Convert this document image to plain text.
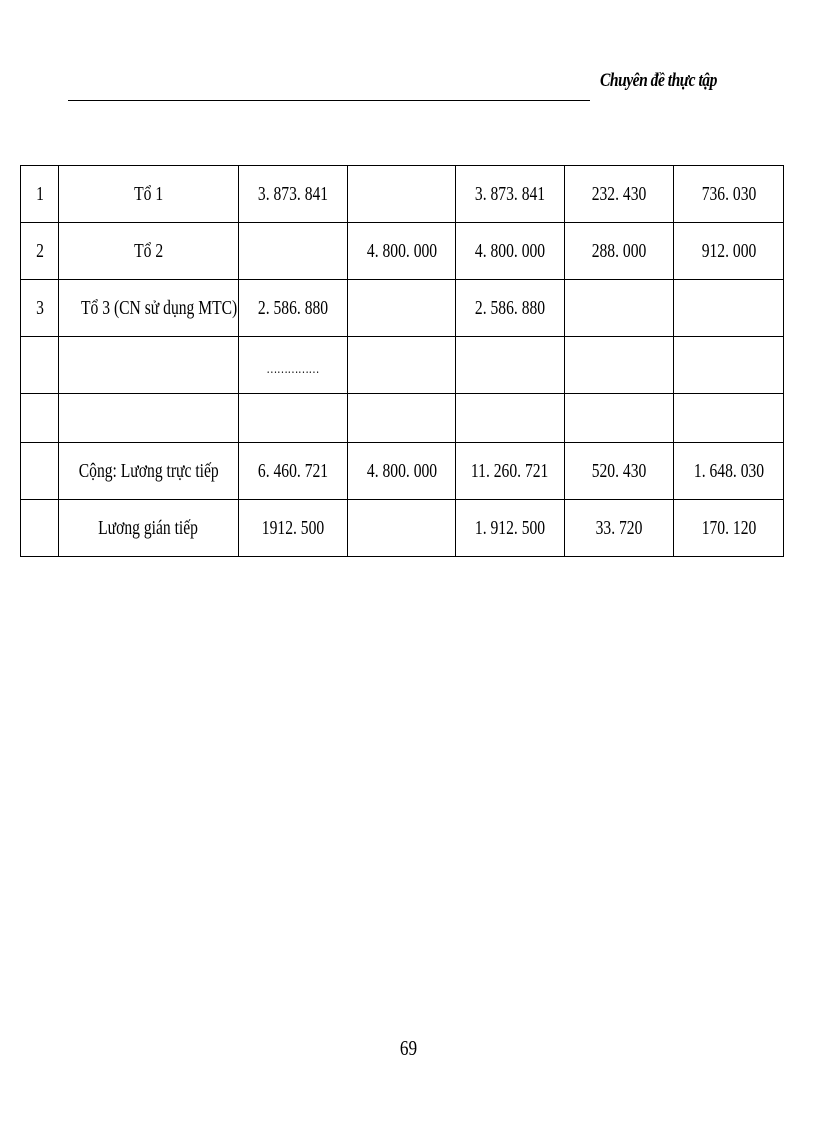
Chuyên đề thực tập
1	Tổ 1	3. 873. 841		3. 873. 841	232. 430	736. 030
2	Tổ 2		4. 800. 000	4. 800. 000	288. 000	912. 000
3	Tổ 3 (CN sử dụng MTC)	2. 586. 880		2. 586. 880		
		……………				

	Cộng: Lương trực tiếp	6. 460. 721	4. 800. 000	11. 260. 721	520. 430	1. 648. 030
	Lương gián tiếp	1912. 500		1. 912. 500	33. 720	170. 120
69
